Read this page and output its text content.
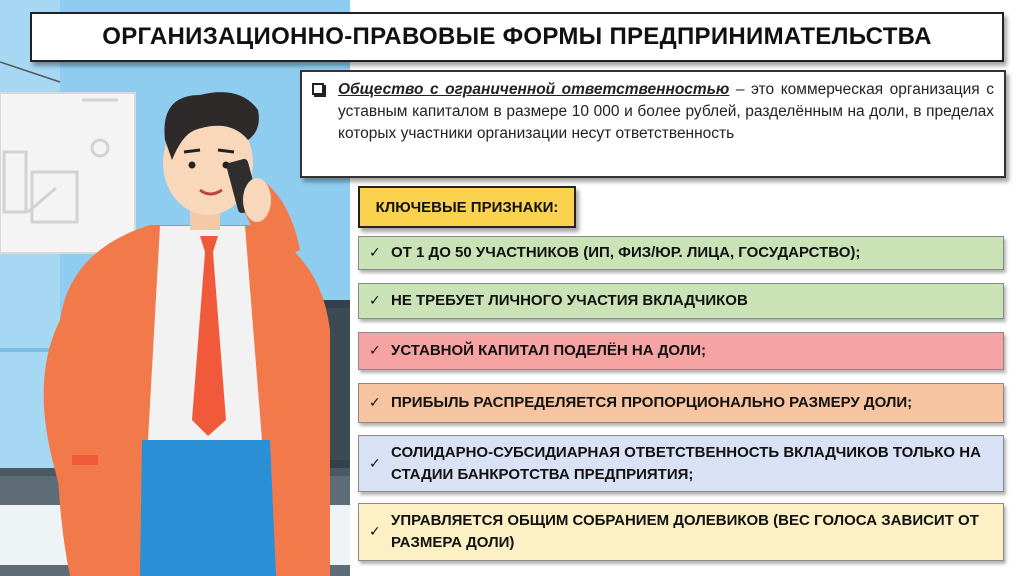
ОРГАНИЗАЦИОННО-ПРАВОВЫЕ ФОРМЫ ПРЕДПРИНИМАТЕЛЬСТВА
Общество с ограниченной ответственностью – это коммерческая организация с уставным капиталом в размере 10 000 и более рублей, разделённым на доли, в пределах которых участники организации несут ответственность
КЛЮЧЕВЫЕ ПРИЗНАКИ:
✓ ОТ 1 ДО 50 УЧАСТНИКОВ (ИП, ФИЗ/ЮР. ЛИЦА, ГОСУДАРСТВО);
✓ НЕ ТРЕБУЕТ ЛИЧНОГО УЧАСТИЯ ВКЛАДЧИКОВ
✓ УСТАВНОЙ КАПИТАЛ ПОДЕЛЁН НА ДОЛИ;
✓ ПРИБЫЛЬ РАСПРЕДЕЛЯЕТСЯ ПРОПОРЦИОНАЛЬНО РАЗМЕРУ ДОЛИ;
✓
СОЛИДАРНО-СУБСИДИАРНАЯ ОТВЕТСТВЕННОСТЬ ВКЛАДЧИКОВ ТОЛЬКО НА СТАДИИ БАНКРОТСТВА ПРЕДПРИЯТИЯ;
✓
УПРАВЛЯЕТСЯ ОБЩИМ СОБРАНИЕМ ДОЛЕВИКОВ (ВЕС ГОЛОСА ЗАВИСИТ ОТ РАЗМЕРА ДОЛИ)
